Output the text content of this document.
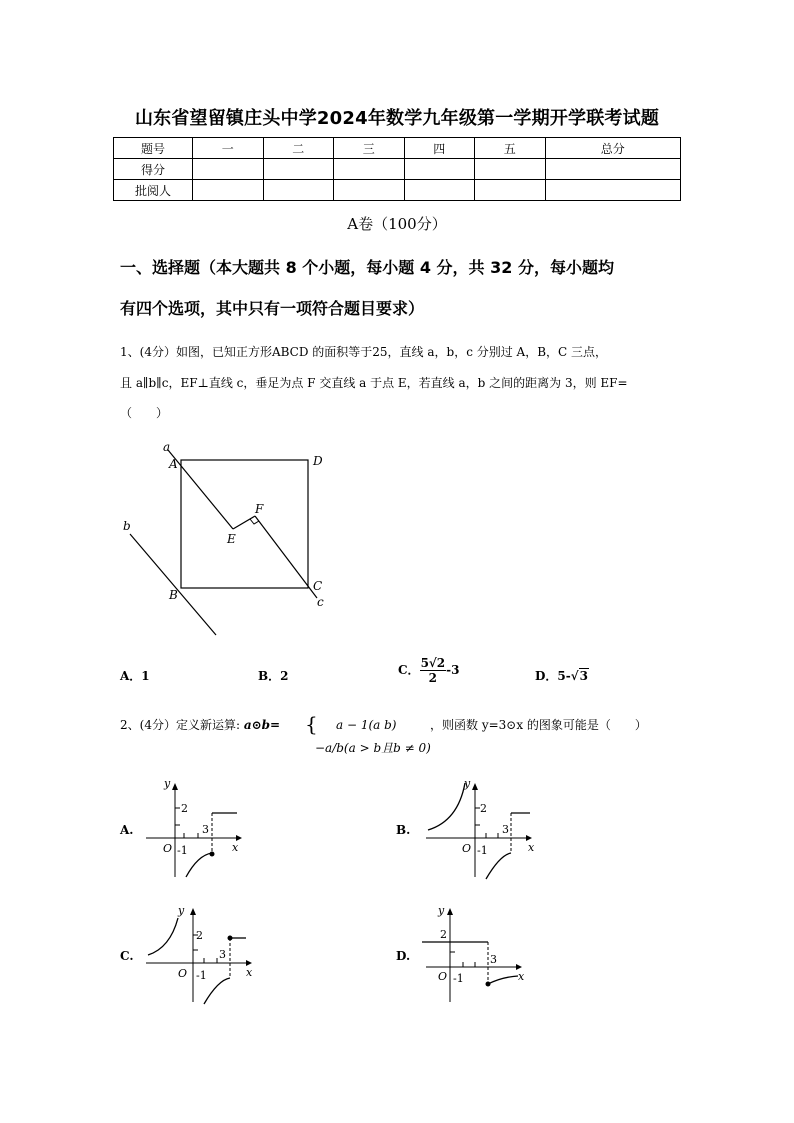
山东省望留镇庄头中学2024年数学九年级第一学期开学联考试题
题号	一	二	三	四	五	总分
得分						
批阅人						
A卷（100分）
一、选择题（本大题共 8 个小题，每小题 4 分，共 32 分，每小题均
有四个选项，其中只有一项符合题目要求）
1、(4分）如图，已知正方形ABCD 的面积等于25，直线 a，b，c 分别过 A，B，C 三点，
且 a∥b∥c，EF⊥直线 c，垂足为点 F 交直线 a 于点 E，若直线 a，b 之间的距离为 3，则 EF=
（　　）
a
A	D
F
E
b
C
B	c
A．1	B．2	C． $\frac{5√2}{2} -3$	D．5-√3
2、(4分）定义新运算: a⊙b= { a − 1(a b)
−a/b(a > b且b ≠ 0)
，则函数 y=3⊙x 的图象可能是（　　）
A.	B.
C.	D.
y
2
3
O -1	x
y
2
3
O -1	x
y
2
3
O -1	x
y
2
3
O -1	x
